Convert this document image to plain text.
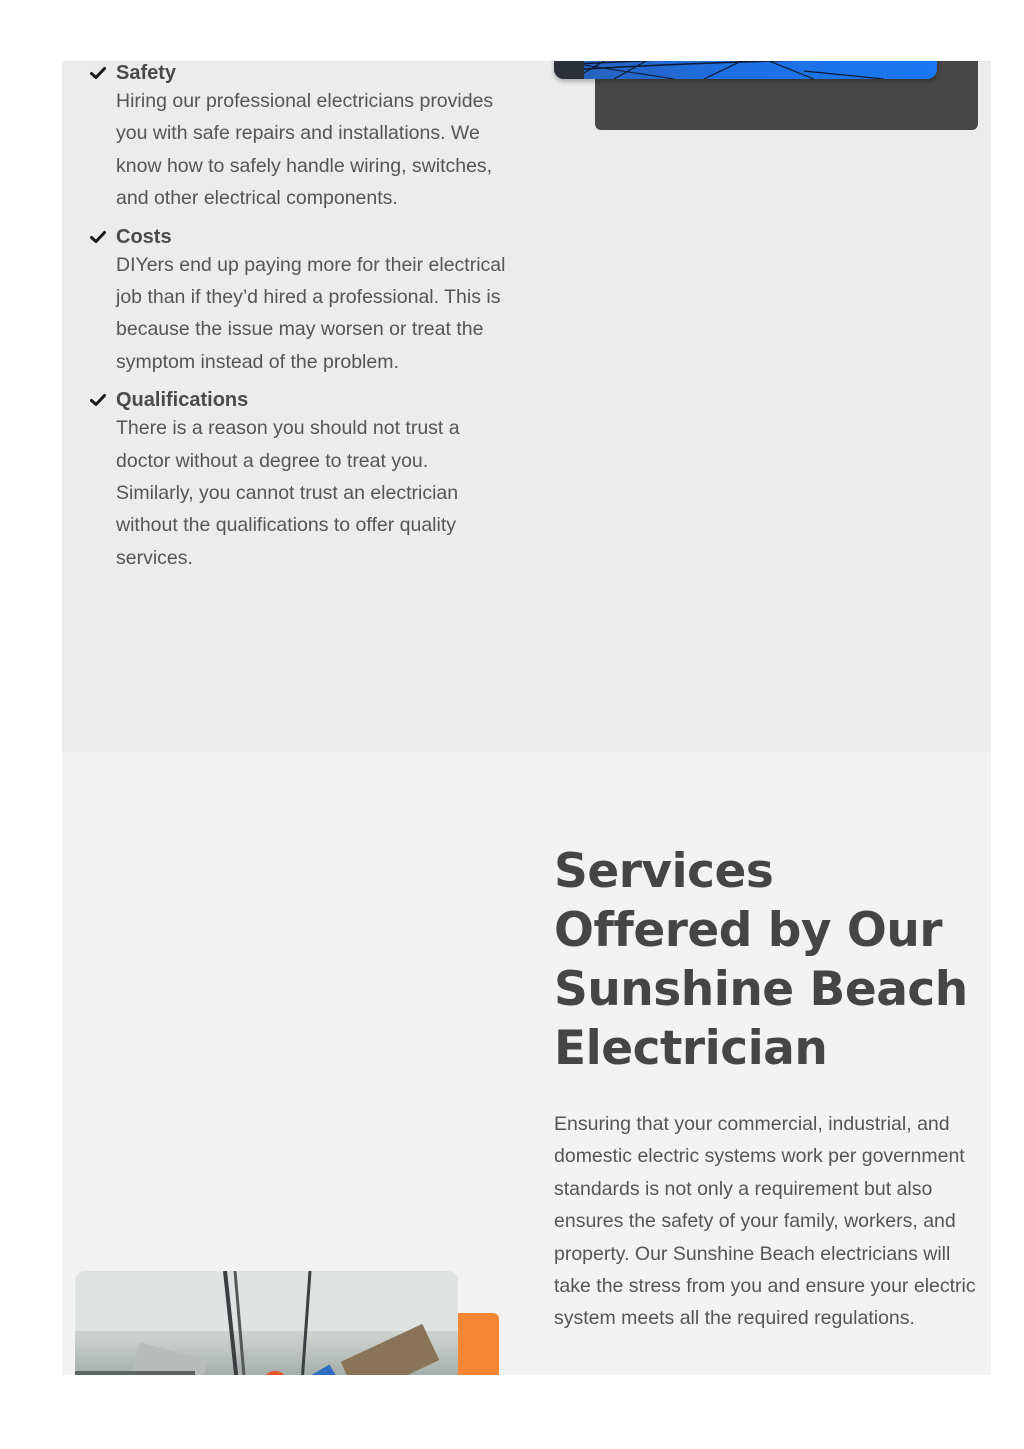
Safety
Hiring our professional electricians provides you with safe repairs and installations. We know how to safely handle wiring, switches, and other electrical components.
Costs
DIYers end up paying more for their electrical job than if they’d hired a professional. This is because the issue may worsen or treat the symptom instead of the problem.
Qualifications
There is a reason you should not trust a doctor without a degree to treat you. Similarly, you cannot trust an electrician without the qualifications to offer quality services.
Services Offered by Our Sunshine Beach Electrician

Ensuring that your commercial, industrial, and domestic electric systems work per government standards is not only a requirement but also ensures the safety of your family, workers, and property. Our Sunshine Beach electricians will take the stress from you and ensure your electric system meets all the required regulations.
